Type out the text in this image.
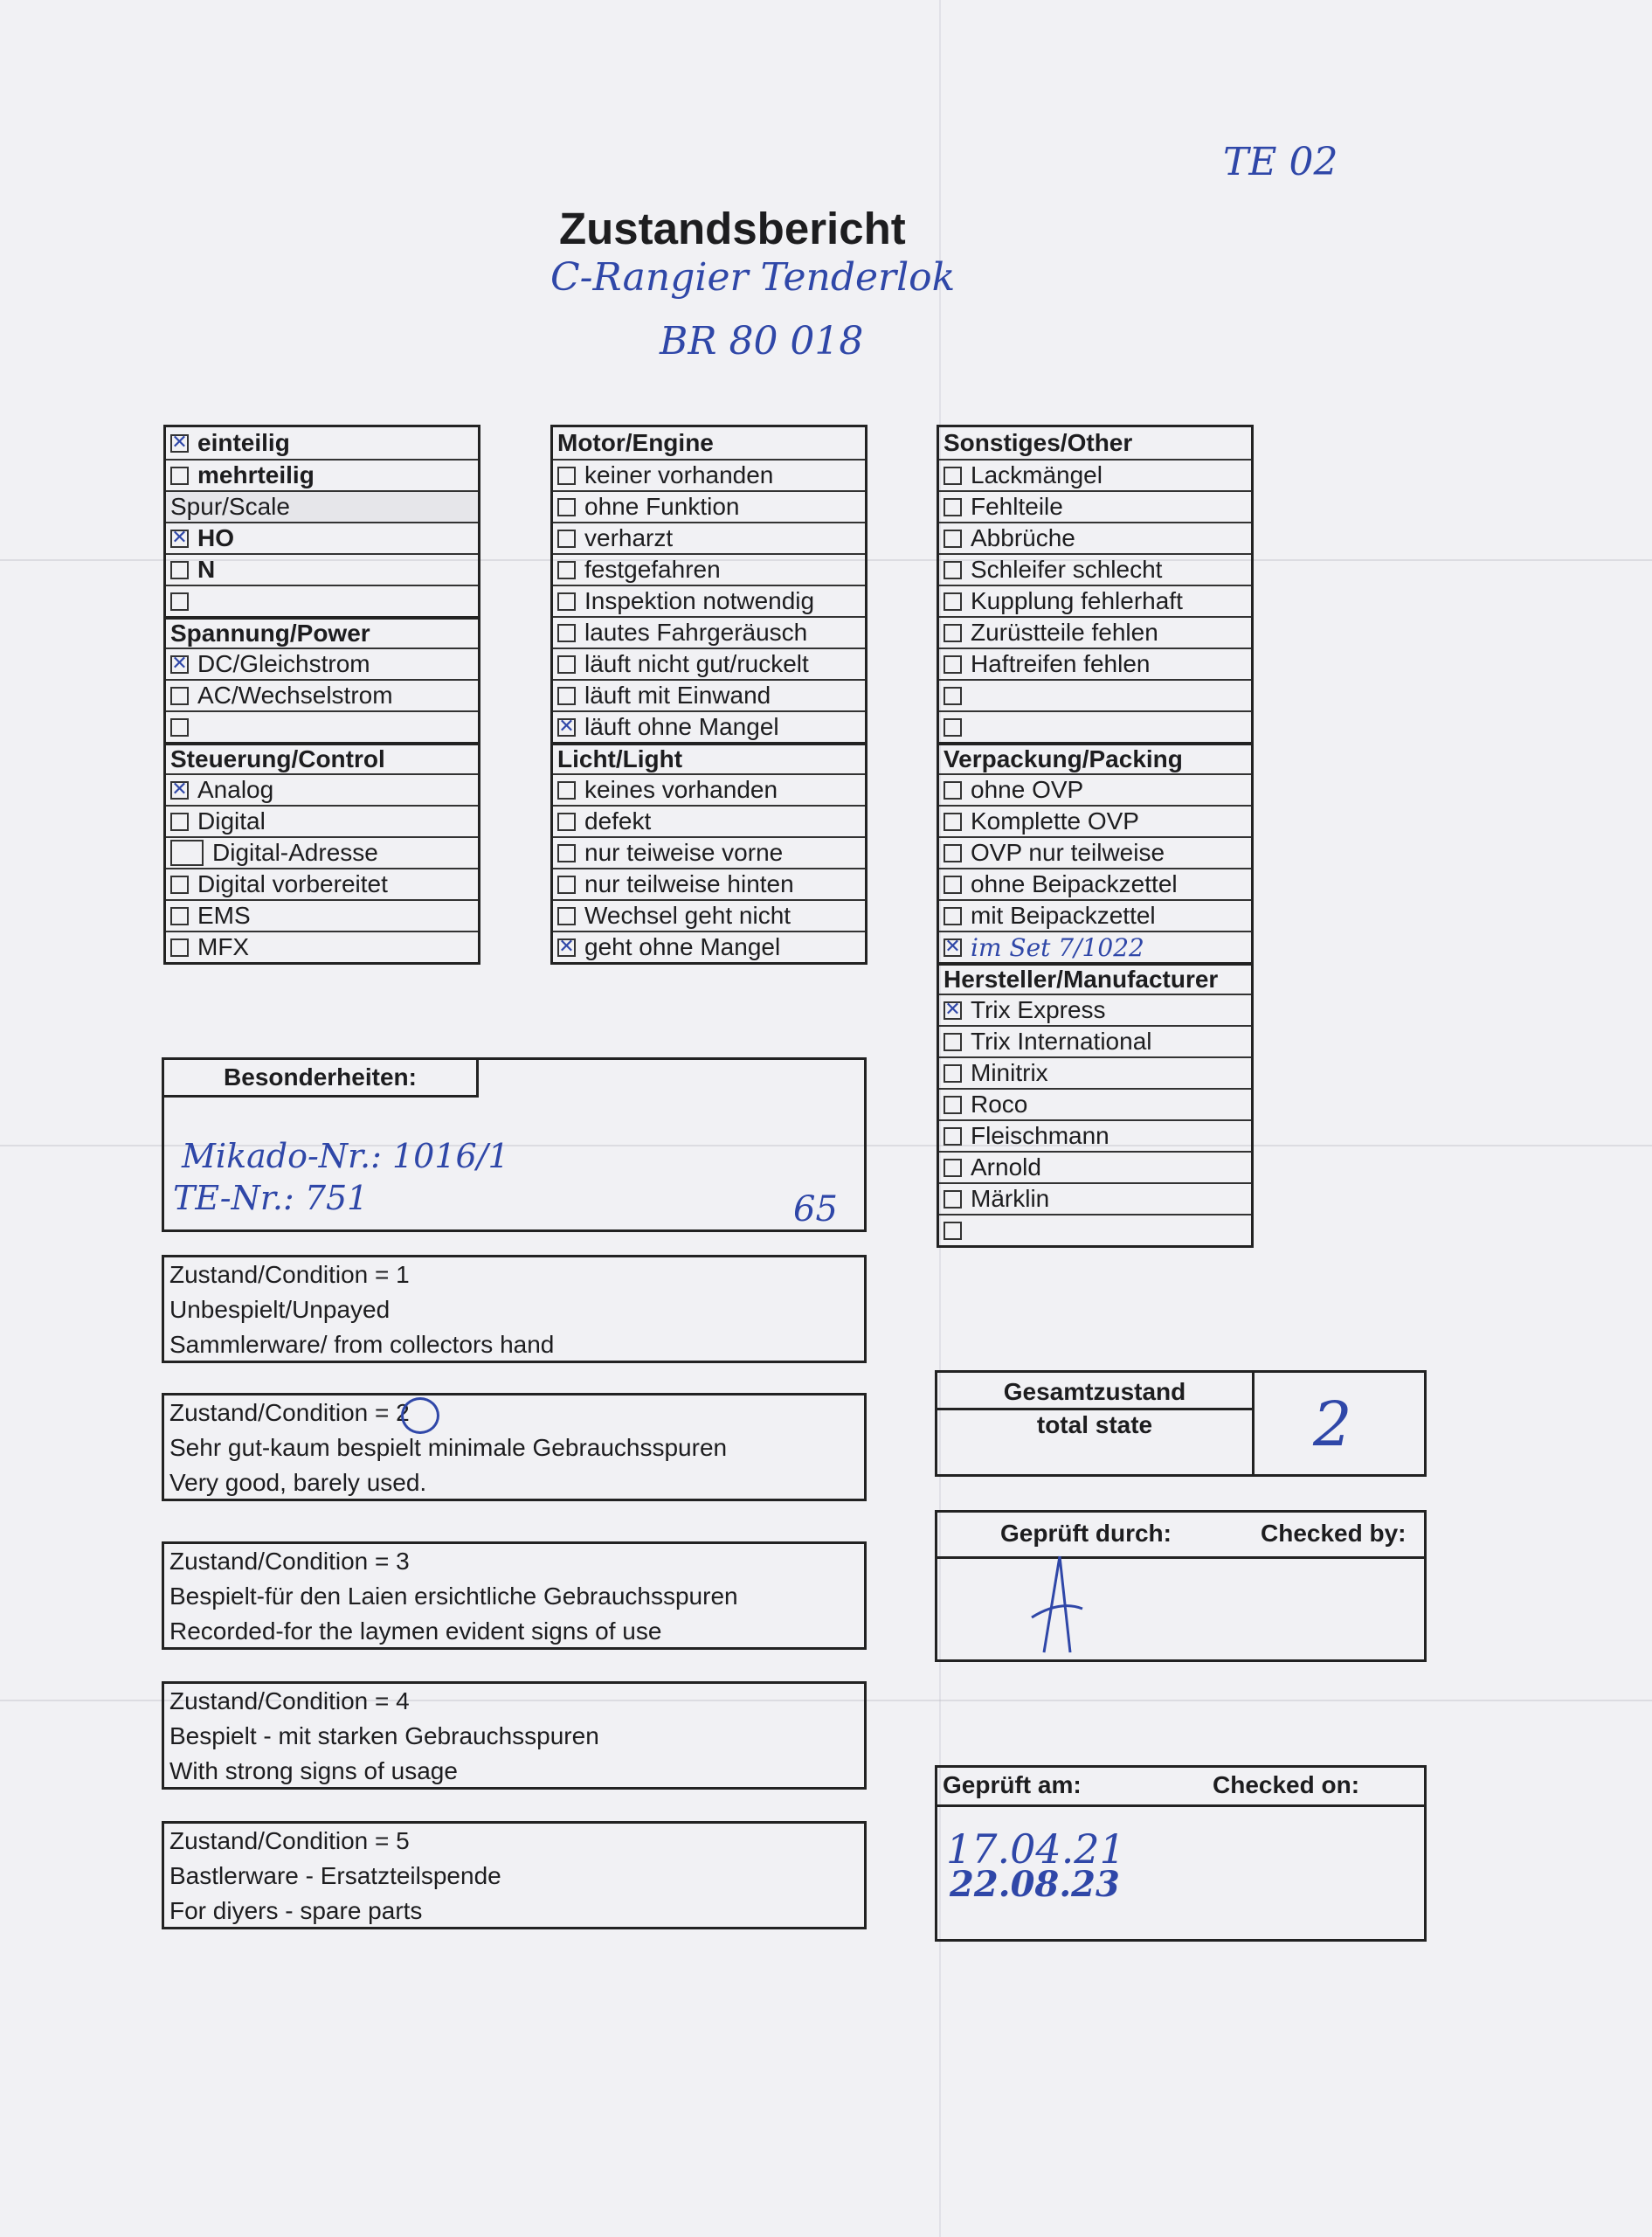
Zustandsbericht
TE 02
C-Rangier Tenderlok
BR 80 018
✕ einteilig
mehrteilig
Spur/Scale
✕ HO
N
Spannung/Power
✕ DC/Gleichstrom
AC/Wechselstrom
Steuerung/Control
✕ Analog
Digital
Digital-Adresse
Digital vorbereitet
EMS
MFX
Motor/Engine
keiner vorhanden
ohne Funktion
verharzt
festgefahren
Inspektion notwendig
lautes Fahrgeräusch
läuft nicht gut/ruckelt
läuft mit Einwand
✕ läuft ohne Mangel
Licht/Light
keines vorhanden
defekt
nur teiweise vorne
nur teilweise hinten
Wechsel geht nicht
✕ geht ohne Mangel
Sonstiges/Other
Lackmängel
Fehlteile
Abbrüche
Schleifer schlecht
Kupplung fehlerhaft
Zurüstteile fehlen
Haftreifen fehlen
Verpackung/Packing
ohne OVP
Komplette OVP
OVP nur teilweise
ohne Beipackzettel
mit Beipackzettel
✕ im Set 7/1022
Hersteller/Manufacturer
✕ Trix Express
Trix International
Minitrix
Roco
Fleischmann
Arnold
Märklin
Besonderheiten:
Mikado-Nr.: 1016/1
TE-Nr.: 751	65
Zustand/Condition = 1
Unbespielt/Unpayed
Sammlerware/ from collectors hand
Zustand/Condition = 2
Sehr gut-kaum bespielt minimale Gebrauchsspuren
Very good, barely used.
Zustand/Condition = 3
Bespielt-für den Laien ersichtliche Gebrauchsspuren
Recorded-for the laymen evident signs of use
Zustand/Condition = 4
Bespielt - mit starken Gebrauchsspuren
With strong signs of usage
Zustand/Condition = 5
Bastlerware - Ersatzteilspende
For diyers - spare parts
Gesamtzustand
total state	2
Geprüft durch:	Checked by:
Geprüft am:	Checked on:
17.04.21
22.08.23
